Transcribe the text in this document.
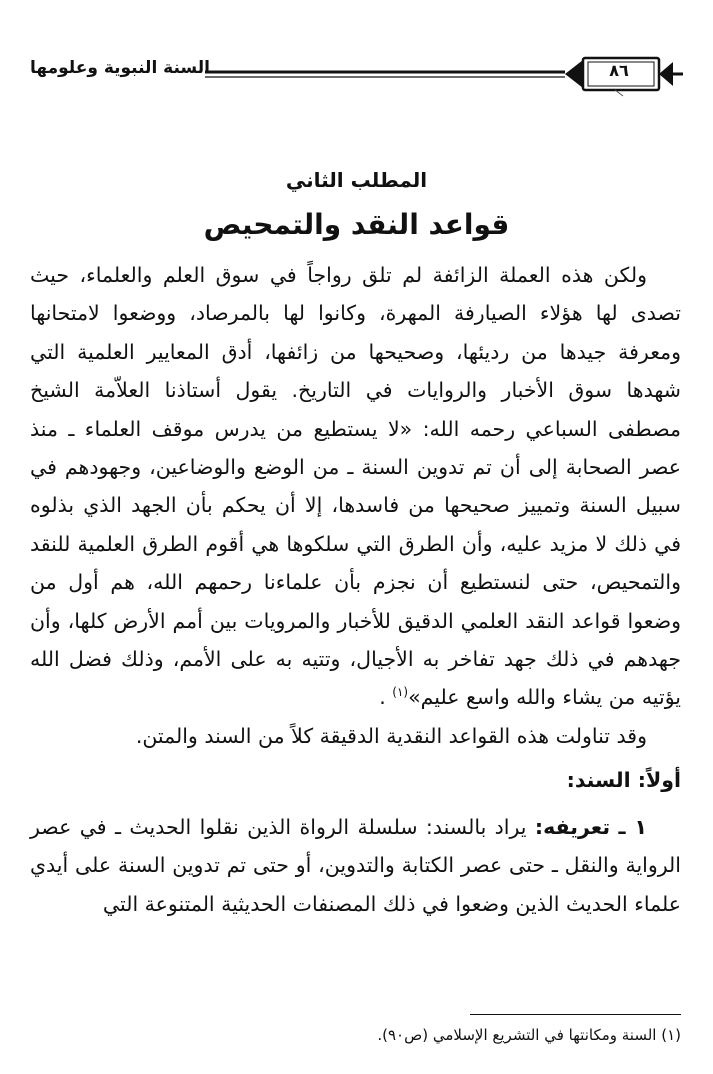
السنة النبوية وعلومها	٨٦
المطلب الثاني
قواعد النقد والتمحيص

ولكن هذه العملة الزائفة لم تلق رواجاً في سوق العلم والعلماء، حيث تصدى لها هؤلاء الصيارفة المهرة، وكانوا لها بالمرصاد، ووضعوا لامتحانها ومعرفة جيدها من رديئها، وصحيحها من زائفها، أدق المعايير العلمية التي شهدها سوق الأخبار والروايات في التاريخ. يقول أستاذنا العلاّمة الشيخ مصطفى السباعي رحمه الله: «لا يستطيع من يدرس موقف العلماء ـ منذ عصر الصحابة إلى أن تم تدوين السنة ـ من الوضع والوضاعين، وجهودهم في سبيل السنة وتمييز صحيحها من فاسدها، إلا أن يحكم بأن الجهد الذي بذلوه في ذلك لا مزيد عليه، وأن الطرق التي سلكوها هي أقوم الطرق العلمية للنقد والتمحيص، حتى لنستطيع أن نجزم بأن علماءنا رحمهم الله، هم أول من وضعوا قواعد النقد العلمي الدقيق للأخبار والمرويات بين أمم الأرض كلها، وأن جهدهم في ذلك جهد تفاخر به الأجيال، وتتيه به على الأمم، وذلك فضل الله يؤتيه من يشاء والله واسع عليم»$^{(١)}$ .

وقد تناولت هذه القواعد النقدية الدقيقة كلاً من السند والمتن.

أولاً: السند:

١ ـ تعريفه: يراد بالسند: سلسلة الرواة الذين نقلوا الحديث ـ في عصر الرواية والنقل ـ حتى عصر الكتابة والتدوين، أو حتى تم تدوين السنة على أيدي علماء الحديث الذين وضعوا في ذلك المصنفات الحديثية المتنوعة التي

(١) السنة ومكانتها في التشريع الإسلامي (ص٩٠).
